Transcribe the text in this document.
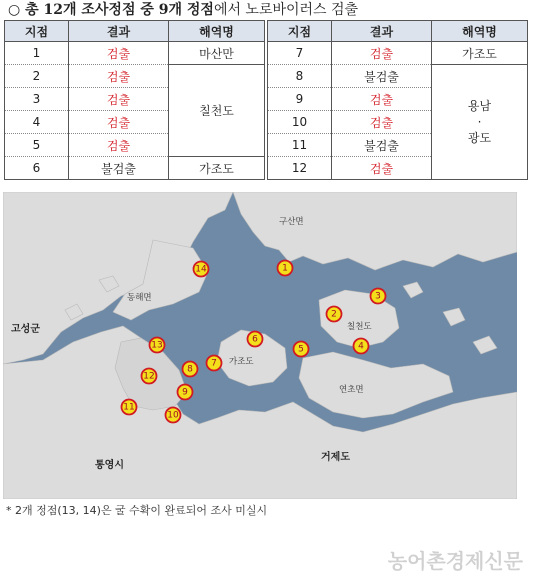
○ 총 12개 조사정점 중 9개 정점에서 노로바이러스 검출
지점	결과	해역명
1	검출	마산만
2	검출	칠천도
3	검출	
4	검출	
5	검출	
6	불검출	가조도
지점	결과	해역명
7	검출	가조도
8	불검출	용남
·
광도

9	검출	
10	검출	
11	불검출	
12	검출	
구산면
동해면
고성군	칠천도
가조도
연초면
통영시
거제도
1
2
3
4
5
6
7
8
9
10
11
12
13
14
* 2개 정점(13, 14)은 굴 수확이 완료되어 조사 미실시
농어촌경제신문
